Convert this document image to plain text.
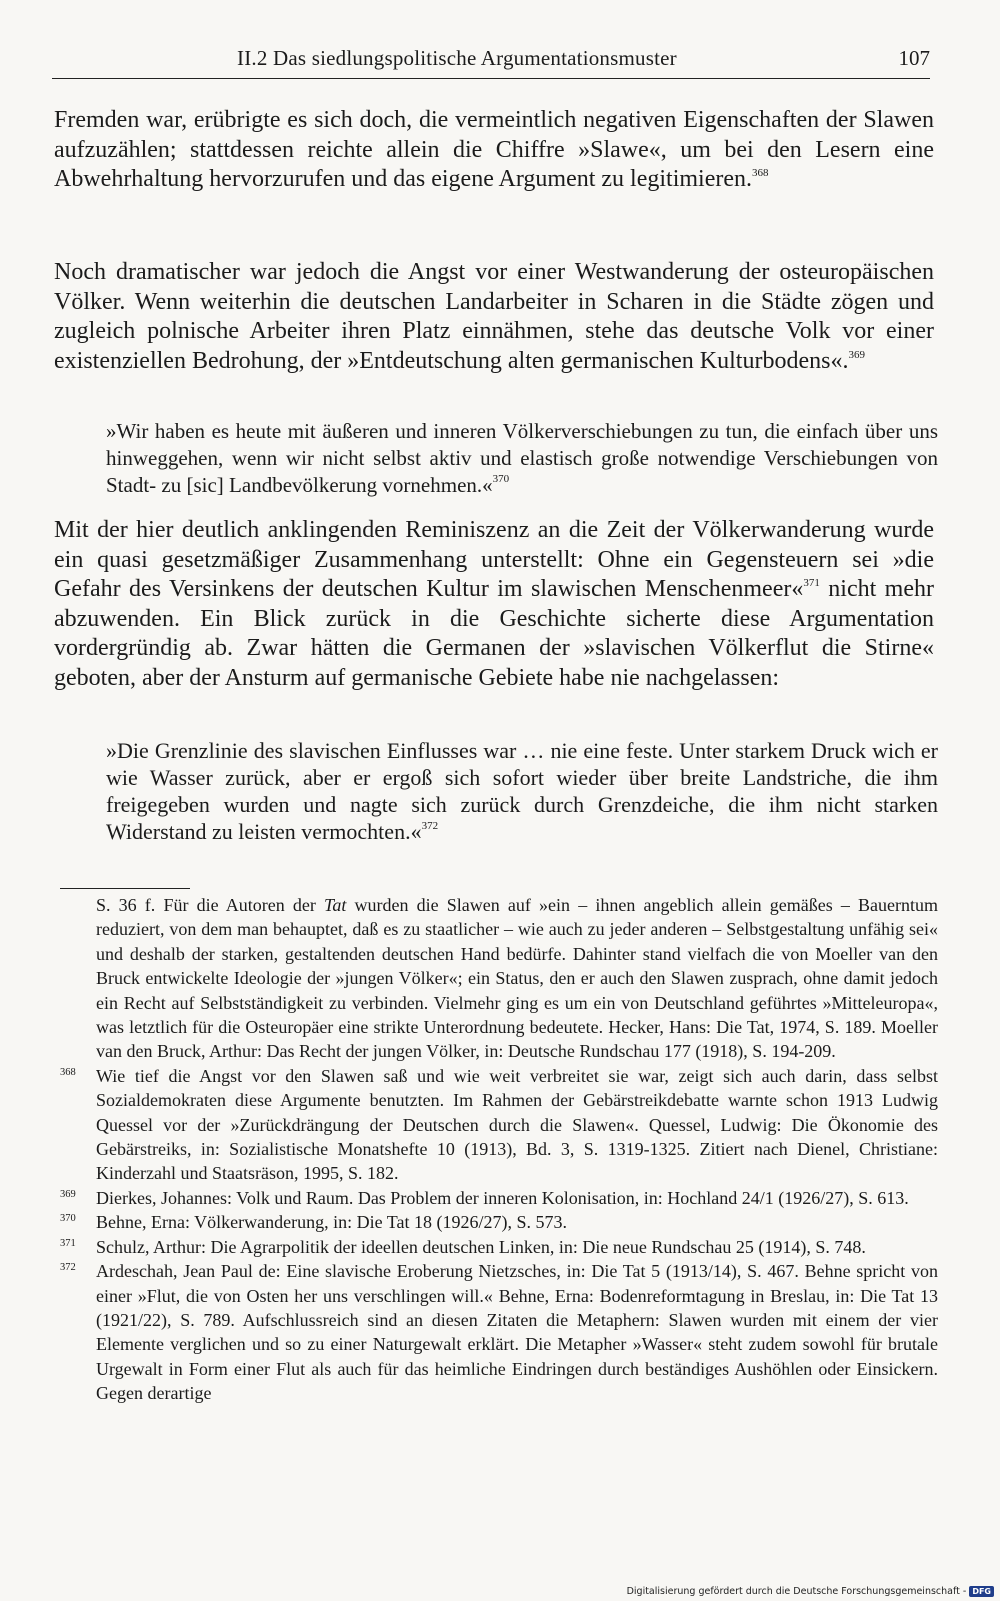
II.2 Das siedlungspolitische Argumentationsmuster	107
Fremden war, erübrigte es sich doch, die vermeintlich negativen Eigenschaften der Slawen aufzuzählen; stattdessen reichte allein die Chiffre »Slawe«, um bei den Lesern eine Abwehrhaltung hervorzurufen und das eigene Argument zu legitimieren.$^{368}$
Noch dramatischer war jedoch die Angst vor einer Westwanderung der osteuropäischen Völker. Wenn weiterhin die deutschen Landarbeiter in Scharen in die Städte zögen und zugleich polnische Arbeiter ihren Platz einnähmen, stehe das deutsche Volk vor einer existenziellen Bedrohung, der »Entdeutschung alten germanischen Kulturbodens«.$^{369}$
»Wir haben es heute mit äußeren und inneren Völkerverschiebungen zu tun, die einfach über uns hinweggehen, wenn wir nicht selbst aktiv und elastisch große notwendige Verschiebungen von Stadt- zu [sic] Landbevölkerung vornehmen.«$^{370}$
Mit der hier deutlich anklingenden Reminiszenz an die Zeit der Völkerwanderung wurde ein quasi gesetzmäßiger Zusammenhang unterstellt: Ohne ein Gegensteuern sei »die Gefahr des Versinkens der deutschen Kultur im slawischen Menschenmeer«$^{371}$ nicht mehr abzuwenden. Ein Blick zurück in die Geschichte sicherte diese Argumentation vordergründig ab. Zwar hätten die Germanen der »slavischen Völkerflut die Stirne« geboten, aber der Ansturm auf germanische Gebiete habe nie nachgelassen:
»Die Grenzlinie des slavischen Einflusses war … nie eine feste. Unter starkem Druck wich er wie Wasser zurück, aber er ergoß sich sofort wieder über breite Landstriche, die ihm freigegeben wurden und nagte sich zurück durch Grenzdeiche, die ihm nicht starken Widerstand zu leisten vermochten.«$^{372}$

S. 36 f. Für die Autoren der Tat wurden die Slawen auf »ein – ihnen angeblich allein gemäßes – Bauerntum reduziert, von dem man behauptet, daß es zu staatlicher – wie auch zu jeder anderen – Selbstgestaltung unfähig sei« und deshalb der starken, gestaltenden deutschen Hand bedürfe. Dahinter stand vielfach die von Moeller van den Bruck entwickelte Ideologie der »jungen Völker«; ein Status, den er auch den Slawen zusprach, ohne damit jedoch ein Recht auf Selbstständigkeit zu verbinden. Vielmehr ging es um ein von Deutschland geführtes »Mitteleuropa«, was letztlich für die Osteuropäer eine strikte Unterordnung bedeutete. Hecker, Hans: Die Tat, 1974, S. 189. Moeller van den Bruck, Arthur: Das Recht der jungen Völker, in: Deutsche Rundschau 177 (1918), S. 194-209.

368 Wie tief die Angst vor den Slawen saß und wie weit verbreitet sie war, zeigt sich auch darin, dass selbst Sozialdemokraten diese Argumente benutzten. Im Rahmen der Gebärstreikdebatte warnte schon 1913 Ludwig Quessel vor der »Zurückdrängung der Deutschen durch die Slawen«. Quessel, Ludwig: Die Ökonomie des Gebärstreiks, in: Sozialistische Monatshefte 10 (1913), Bd. 3, S. 1319-1325. Zitiert nach Dienel, Christiane: Kinderzahl und Staatsräson, 1995, S. 182.

369 Dierkes, Johannes: Volk und Raum. Das Problem der inneren Kolonisation, in: Hochland 24/1 (1926/27), S. 613.

370 Behne, Erna: Völkerwanderung, in: Die Tat 18 (1926/27), S. 573.

371 Schulz, Arthur: Die Agrarpolitik der ideellen deutschen Linken, in: Die neue Rundschau 25 (1914), S. 748.

372 Ardeschah, Jean Paul de: Eine slavische Eroberung Nietzsches, in: Die Tat 5 (1913/14), S. 467. Behne spricht von einer »Flut, die von Osten her uns verschlingen will.« Behne, Erna: Bodenreformtagung in Breslau, in: Die Tat 13 (1921/22), S. 789. Aufschlussreich sind an diesen Zitaten die Metaphern: Slawen wurden mit einem der vier Elemente verglichen und so zu einer Naturgewalt erklärt. Die Metapher »Wasser« steht zudem sowohl für brutale Urgewalt in Form einer Flut als auch für das heimliche Eindringen durch beständiges Aushöhlen oder Einsickern. Gegen derartige

Digitalisierung gefördert durch die Deutsche Forschungsgemeinschaft - DFG
